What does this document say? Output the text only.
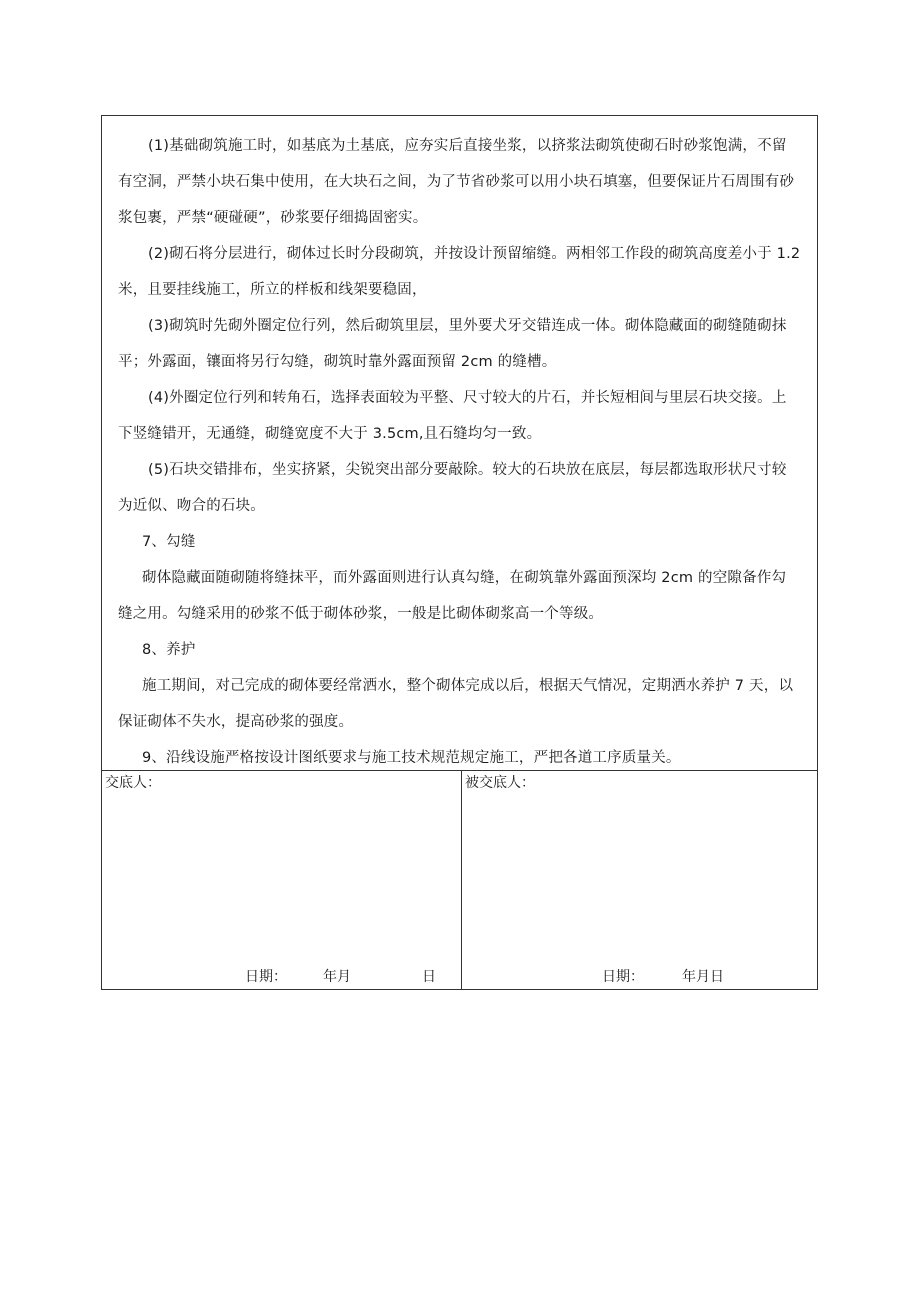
(1)基础砌筑施工时，如基底为土基底，应夯实后直接坐浆，以挤浆法砌筑使砌石时砂浆饱满，不留
有空洞，严禁小块石集中使用，在大块石之间，为了节省砂浆可以用小块石填塞，但要保证片石周围有砂
浆包裹，严禁“硬碰硬”，砂浆要仔细捣固密实。

(2)砌石将分层进行，砌体过长时分段砌筑，并按设计预留缩缝。两相邻工作段的砌筑高度差小于 1.2
米，且要挂线施工，所立的样板和线架要稳固，

(3)砌筑时先砌外圈定位行列，然后砌筑里层，里外要犬牙交错连成一体。砌体隐藏面的砌缝随砌抹
平；外露面，镶面将另行勾缝，砌筑时靠外露面预留 2cm 的缝槽。

(4)外圈定位行列和转角石，选择表面较为平整、尺寸较大的片石，并长短相间与里层石块交接。上
下竖缝错开，无通缝，砌缝宽度不大于 3.5cm,且石缝均匀一致。

(5)石块交错排布，坐实挤紧，尖锐突出部分要敲除。较大的石块放在底层，每层都选取形状尺寸较
为近似、吻合的石块。

7、勾缝

砌体隐藏面随砌随将缝抹平，而外露面则进行认真勾缝，在砌筑靠外露面预深均 2cm 的空隙备作勾
缝之用。勾缝采用的砂浆不低于砌体砂浆，一般是比砌体砌浆高一个等级。

8、养护

施工期间，对己完成的砌体要经常洒水，整个砌体完成以后，根据天气情况，定期洒水养护 7 天，以
保证砌体不失水，提高砂浆的强度。

9、沿线设施严格按设计图纸要求与施工技术规范规定施工，严把各道工序质量关。

交底人：
日期：	年月	日
被交底人：
日期：	年月日
